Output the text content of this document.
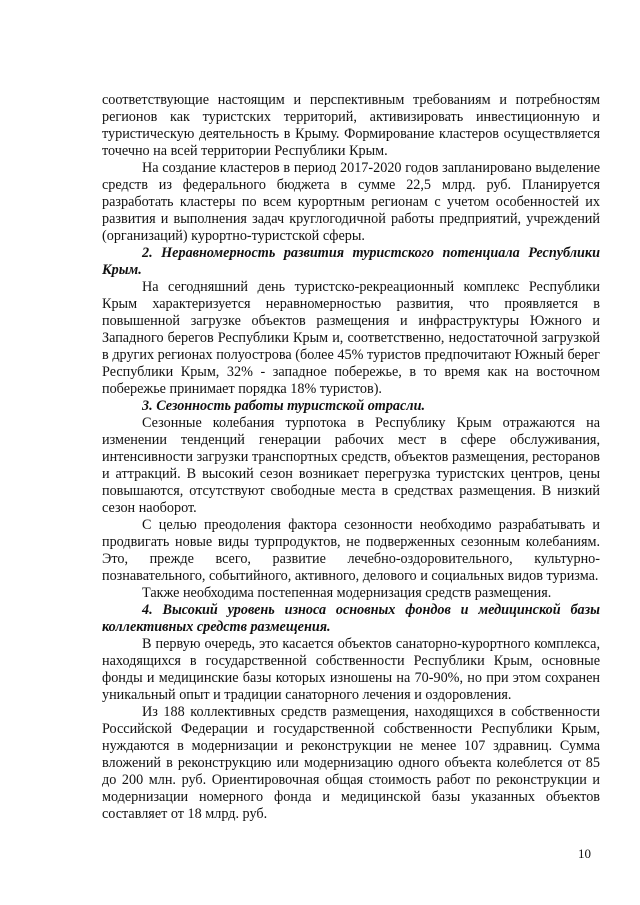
соответствующие настоящим и перспективным требованиям и потребностям регионов как туристских территорий, активизировать инвестиционную и туристическую деятельность в Крыму. Формирование кластеров осуществляется точечно на всей территории Республики Крым.

На создание кластеров в период 2017-2020 годов запланировано выделение средств из федерального бюджета в сумме 22,5 млрд. руб. Планируется разработать кластеры по всем курортным регионам с учетом особенностей их развития и выполнения задач круглогодичной работы предприятий, учреждений (организаций) курортно-туристской сферы.

2. Неравномерность развития туристского потенциала Республики Крым.

На сегодняшний день туристско-рекреационный комплекс Республики Крым характеризуется неравномерностью развития, что проявляется в повышенной загрузке объектов размещения и инфраструктуры Южного и Западного берегов Республики Крым и, соответственно, недостаточной загрузкой в других регионах полуострова (более 45% туристов предпочитают Южный берег Республики Крым, 32% - западное побережье, в то время как на восточном побережье принимает порядка 18% туристов).

3. Сезонность работы туристской отрасли.

Сезонные колебания турпотока в Республику Крым отражаются на изменении тенденций генерации рабочих мест в сфере обслуживания, интенсивности загрузки транспортных средств, объектов размещения, ресторанов и аттракций. В высокий сезон возникает перегрузка туристских центров, цены повышаются, отсутствуют свободные места в средствах размещения. В низкий сезон наоборот.

С целью преодоления фактора сезонности необходимо разрабатывать и продвигать новые виды турпродуктов, не подверженных сезонным колебаниям. Это, прежде всего, развитие лечебно-оздоровительного, культурно-познавательного, событийного, активного, делового и социальных видов туризма.

Также необходима постепенная модернизация средств размещения.

4. Высокий уровень износа основных фондов и медицинской базы коллективных средств размещения.

В первую очередь, это касается объектов санаторно-курортного комплекса, находящихся в государственной собственности Республики Крым, основные фонды и медицинские базы которых изношены на 70-90%, но при этом сохранен уникальный опыт и традиции санаторного лечения и оздоровления.

Из 188 коллективных средств размещения, находящихся в собственности Российской Федерации и государственной собственности Республики Крым, нуждаются в модернизации и реконструкции не менее 107 здравниц. Сумма вложений в реконструкцию или модернизацию одного объекта колеблется от 85 до 200 млн. руб. Ориентировочная общая стоимость работ по реконструкции и модернизации номерного фонда и медицинской базы указанных объектов составляет от 18 млрд. руб.

10
